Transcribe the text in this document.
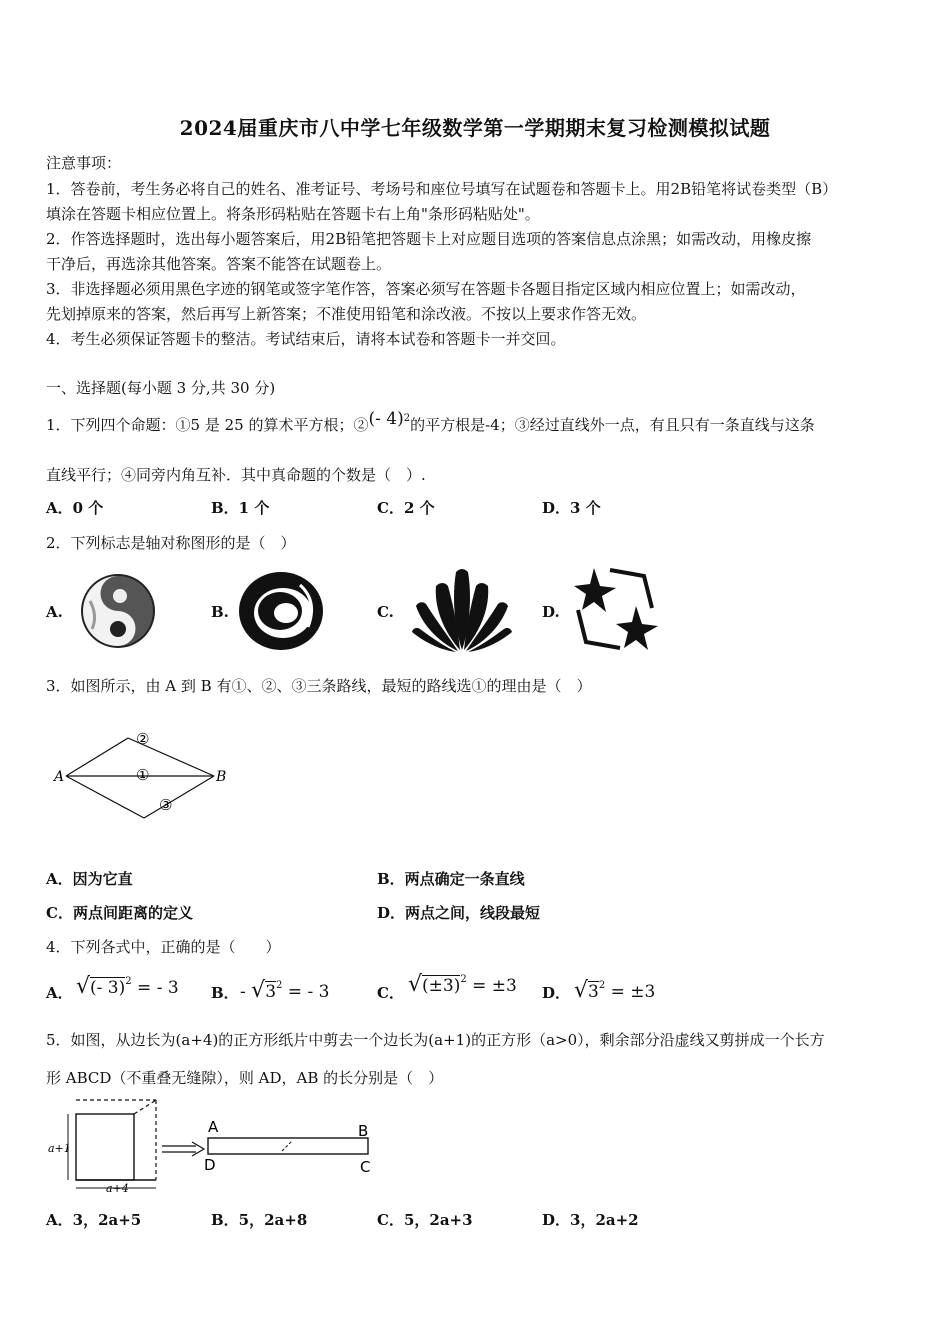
2024届重庆市八中学七年级数学第一学期期末复习检测模拟试题
注意事项：
1．答卷前，考生务必将自己的姓名、准考证号、考场号和座位号填写在试题卷和答题卡上。用2B铅笔将试卷类型（B）
填涂在答题卡相应位置上。将条形码粘贴在答题卡右上角"条形码粘贴处"。
2．作答选择题时，选出每小题答案后，用2B铅笔把答题卡上对应题目选项的答案信息点涂黑；如需改动，用橡皮擦
干净后，再选涂其他答案。答案不能答在试题卷上。
3．非选择题必须用黑色字迹的钢笔或签字笔作答，答案必须写在答题卡各题目指定区域内相应位置上；如需改动，
先划掉原来的答案，然后再写上新答案；不准使用铅笔和涂改液。不按以上要求作答无效。
4．考生必须保证答题卡的整洁。考试结束后，请将本试卷和答题卡一并交回。
一、选择题(每小题 3 分,共 30 分)
1．下列四个命题：①5 是 25 的算术平方根；②(- 4)$^2$的平方根是-4；③经过直线外一点，有且只有一条直线与这条
直线平行；④同旁内角互补．其中真命题的个数是（　）.
A．0 个	B．1 个	C．2 个	D．3 个
2．下列标志是轴对称图形的是（　）
A.	B.	C.	D.
3．如图所示，由 A 到 B 有①、②、③三条路线，最短的路线选①的理由是（　）
A	B
②
①
③
A．因为它直	B．两点确定一条直线
C．两点间距离的定义	D．两点之间，线段最短
4．下列各式中，正确的是（　　）
A． √(- 3)$^2$ = - 3 B． - $√3^2$ = - 3	C． $√(\pm 3)^2 = \pm 3$ D． $√3^2 = \pm 3$
5．如图，从边长为(a+4)的正方形纸片中剪去一个边长为(a+1)的正方形（a>0），剩余部分沿虚线又剪拼成一个长方
形 ABCD（不重叠无缝隙），则 AD，AB 的长分别是（　）
a+1
a+4
A	B
C
D
A．3，2a+5	B．5，2a+8	C．5，2a+3	D．3，2a+2
